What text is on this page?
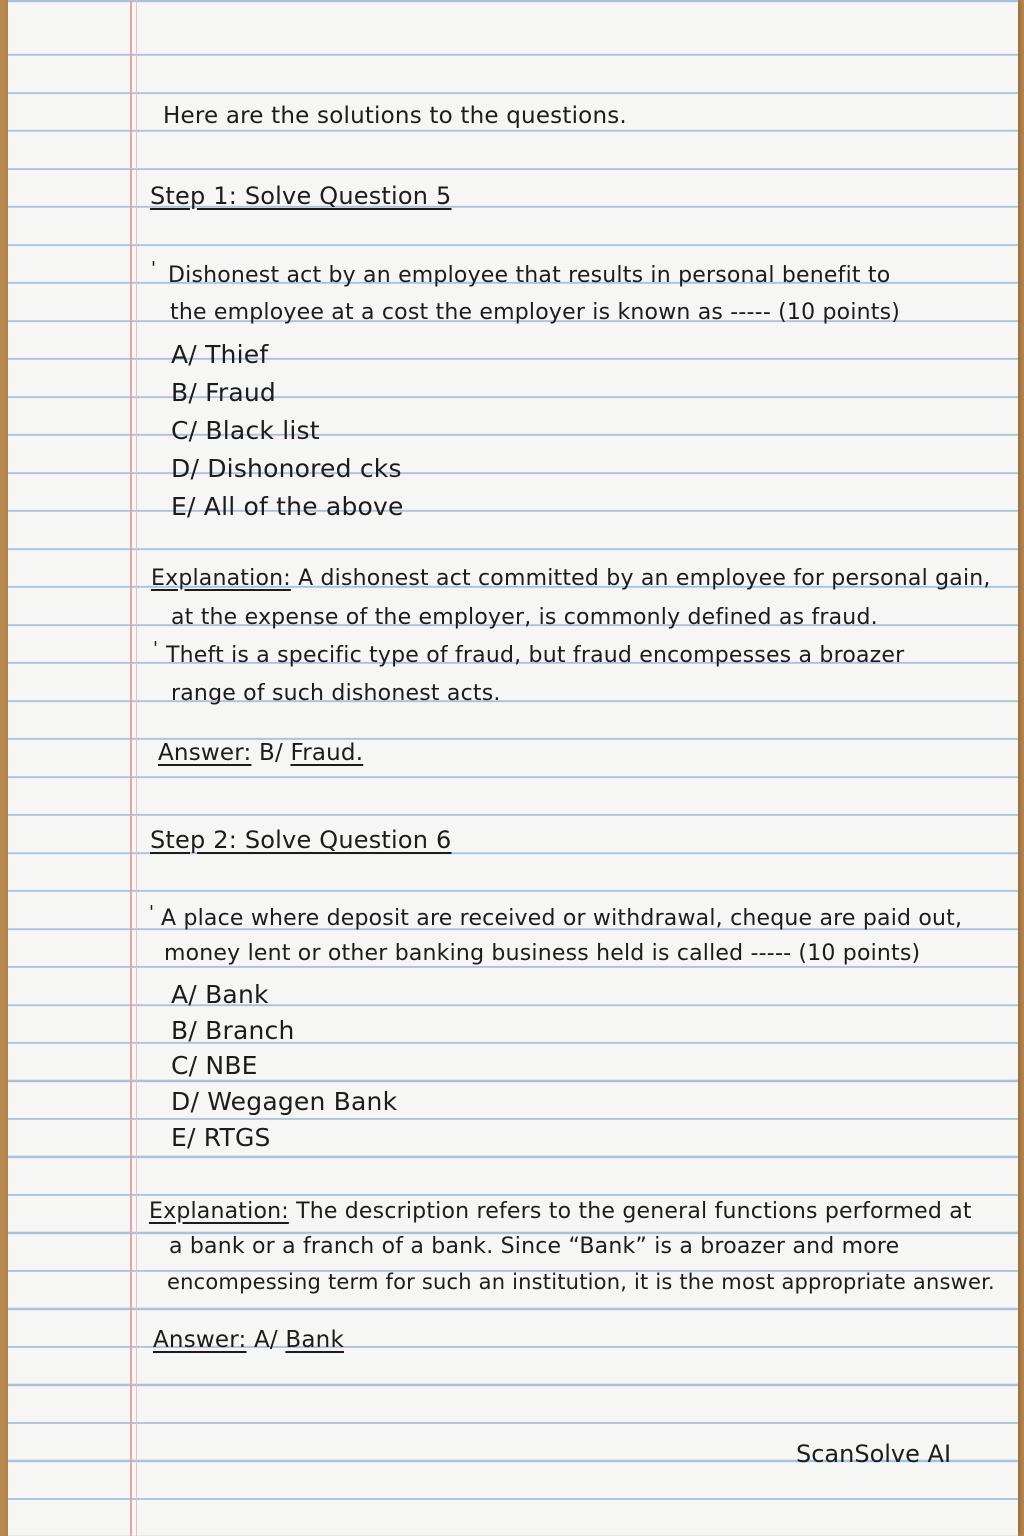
Here are the solutions to the questions.
Step 1: Solve Question 5
' Dishonest act by an employee that results in personal benefit to
the employee at a cost the employer is known as ----- (10 points)
A/ Thief
B/ Fraud
C/ Black list
D/ Dishonored cks
E/ All of the above
Explanation: A dishonest act committed by an employee for personal gain,
at the expense of the employer, is commonly defined as fraud.
' Theft is a specific type of fraud, but fraud encompesses a broazer
range of such dishonest acts.
Answer: B/ Fraud.
Step 2: Solve Question 6
' A place where deposit are received or withdrawal, cheque are paid out,
money lent or other banking business held is called ----- (10 points)
A/ Bank
B/ Branch
C/ NBE
D/ Wegagen Bank
E/ RTGS
Explanation: The description refers to the general functions performed at
a bank or a franch of a bank. Since “Bank” is a broazer and more
encompessing term for such an institution, it is the most appropriate answer.
Answer: A/ Bank
ScanSolve AI
